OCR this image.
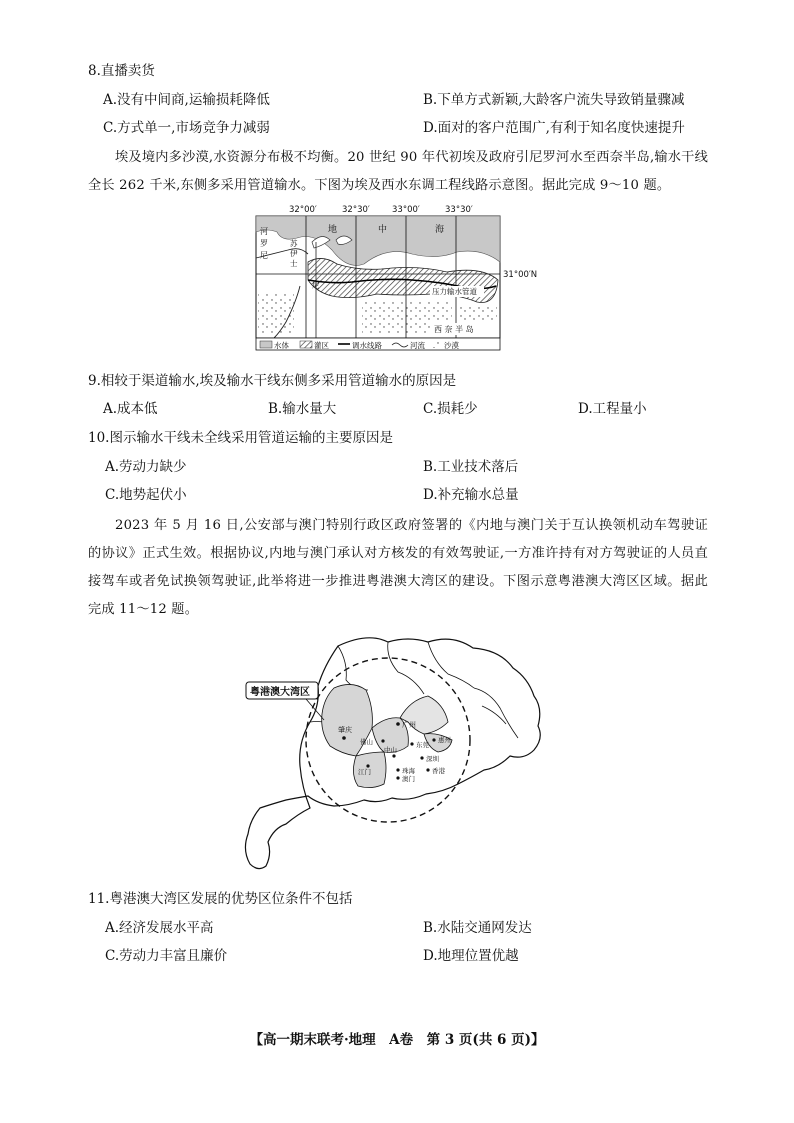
8.直播卖货
A.没有中间商,运输损耗降低	B.下单方式新颖,大龄客户流失导致销量骤减
C.方式单一,市场竞争力减弱	D.面对的客户范围广,有利于知名度快速提升
埃及境内多沙漠,水资源分布极不均衡。20 世纪 90 年代初埃及政府引尼罗河水至西奈半岛,输水干线全长 262 千米,东侧多采用管道输水。下图为埃及西水东调工程线路示意图。据此完成 9～10 题。
32°00′	32°30′	33°00′	33°30′
地	中	海
河
罗
尼
苏
伊
士
尼
压力输水管道
31°00′N
西 奈 半 岛
水体	灌区	调水线路	河流	沙漠
9.相较于渠道输水,埃及输水干线东侧多采用管道输水的原因是
A.成本低	B.输水量大	C.损耗少	D.工程量小
10.图示输水干线未全线采用管道运输的主要原因是
A.劳动力缺少	B.工业技术落后
C.地势起伏小	D.补充输水总量
2023 年 5 月 16 日,公安部与澳门特别行政区政府签署的《内地与澳门关于互认换领机动车驾驶证的协议》正式生效。根据协议,内地与澳门承认对方核发的有效驾驶证,一方准许持有对方驾驶证的人员直接驾车或者免试换领驾驶证,此举将进一步推进粤港澳大湾区的建设。下图示意粤港澳大湾区区域。据此完成 11～12 题。
粤港澳大湾区
肇庆
广州
佛山	东莞
惠州
中山
深圳
江门	珠海
澳门
香港
11.粤港澳大湾区发展的优势区位条件不包括
A.经济发展水平高	B.水陆交通网发达
C.劳动力丰富且廉价	D.地理位置优越
【高一期末联考·地理　A卷　第 3 页(共 6 页)】
